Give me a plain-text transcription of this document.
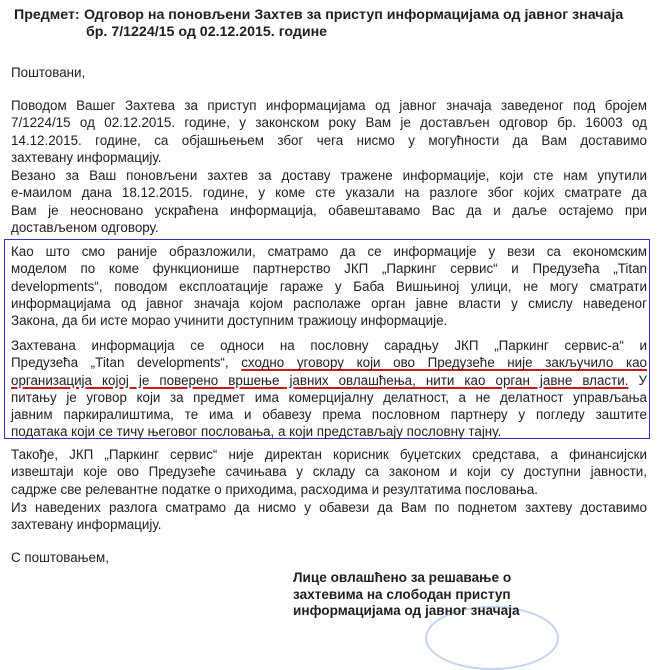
Предмет: Одговор на поновљени Захтев за приступ информацијама од јавног значаја
бр. 7/1224/15 од 02.12.2015. године
Поштовани,
Поводом Вашег Захтева за приступ информацијама од јавног значаја заведеног под бројем
7/1224/15 од 02.12.2015. године, у законском року Вам је достављен одговор бр. 16003 од
14.12.2015. године, са објашњењем због чега нисмо у могућности да Вам доставимо
захтевану информацију.
Везано за Ваш поновљени захтев за доставу тражене информације, који сте нам упутили
е-маилом дана 18.12.2015. године, у коме сте указали на разлоге због којих сматрате да
Вам је неосновано ускраћена информација, обавештавамо Вас да и даље остајемо при
достављеном одговору.
Као што смо раније образложили, сматрамо да се информације у вези са економским
моделом по коме функционише партнерство ЈКП „Паркинг сервис“ и Предузећа „Titan
developments“, поводом експлоатације гараже у Баба Вишњиној улици, не могу сматрати
информацијама од јавног значаја којом располаже орган јавне власти у смислу наведеног
Закона, да би исте морао учинити доступним тражиоцу информације.
Захтевана информација се односи на пословну сарадњу ЈКП „Паркинг сервис-а“ и
Предузећа „Titan developments“, сходно уговору који ово Предузеће није закључило као
организација којој је поверено вршење јавних овлашћења, нити као орган јавне власти. У
питању је уговор који за предмет има комерцијалну делатност, а не делатност управљања
јавним паркиралиштима, те има и обавезу према пословном партнеру у погледу заштите
података који се тичу његовог пословања, а који представљају пословну тајну.
Такође, ЈКП „Паркинг сервис“ није директан корисник буџетских средстава, а финансијски
извештаји које ово Предузеће сачињава у складу са законом и који су доступни јавности,
садрже све релевантне податке о приходима, расходима и резултатима пословања.
Из наведених разлога сматрамо да нисмо у обавези да Вам по поднетом захтеву доставимо
захтевану информацију.
С поштовањем,
Лице овлашћено за решавање о
захтевима на слободан приступ
информацијама од јавног значаја
